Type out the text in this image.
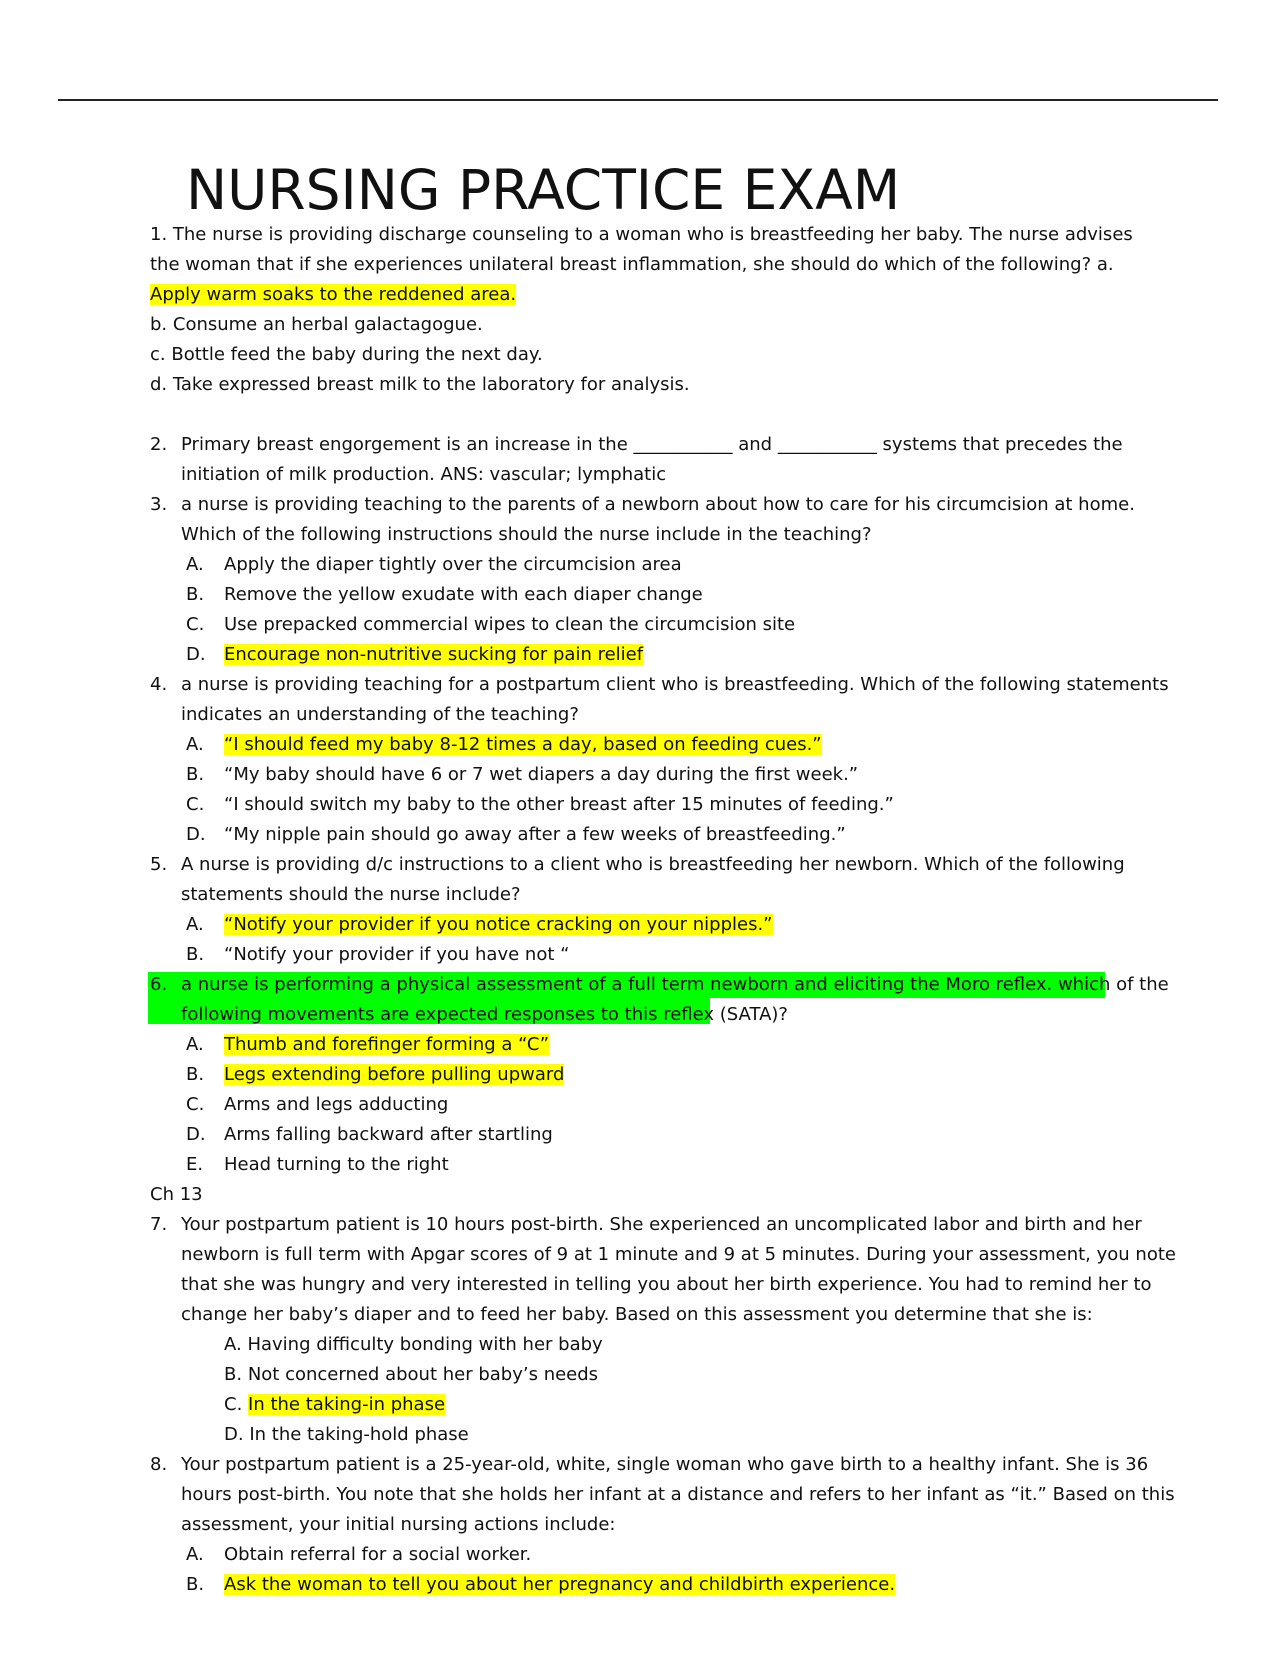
NURSING PRACTICE EXAM
1. The nurse is providing discharge counseling to a woman who is breastfeeding her baby. The nurse advises
the woman that if she experiences unilateral breast inflammation, she should do which of the following? a.
Apply warm soaks to the reddened area.
b. Consume an herbal galactagogue.
c. Bottle feed the baby during the next day.
d. Take expressed breast milk to the laboratory for analysis.
2. Primary breast engorgement is an increase in the ___________ and ___________ systems that precedes the
initiation of milk production. ANS: vascular; lymphatic
3. a nurse is providing teaching to the parents of a newborn about how to care for his circumcision at home.
Which of the following instructions should the nurse include in the teaching?
A. Apply the diaper tightly over the circumcision area
B. Remove the yellow exudate with each diaper change
C. Use prepacked commercial wipes to clean the circumcision site
D. Encourage non-nutritive sucking for pain relief
4. a nurse is providing teaching for a postpartum client who is breastfeeding. Which of the following statements
indicates an understanding of the teaching?
A. “I should feed my baby 8-12 times a day, based on feeding cues.”
B. “My baby should have 6 or 7 wet diapers a day during the first week.”
C. “I should switch my baby to the other breast after 15 minutes of feeding.”
D. “My nipple pain should go away after a few weeks of breastfeeding.”
5. A nurse is providing d/c instructions to a client who is breastfeeding her newborn. Which of the following
statements should the nurse include?
A. “Notify your provider if you notice cracking on your nipples.”
B. “Notify your provider if you have not “
6. a nurse is performing a physical assessment of a full term newborn and eliciting the Moro reflex. which of the
following movements are expected responses to this reflex (SATA)?
A. Thumb and forefinger forming a “C”
B. Legs extending before pulling upward
C. Arms and legs adducting
D. Arms falling backward after startling
E. Head turning to the right
Ch 13
7. Your postpartum patient is 10 hours post-birth. She experienced an uncomplicated labor and birth and her
newborn is full term with Apgar scores of 9 at 1 minute and 9 at 5 minutes. During your assessment, you note
that she was hungry and very interested in telling you about her birth experience. You had to remind her to
change her baby’s diaper and to feed her baby. Based on this assessment you determine that she is:
A. Having difficulty bonding with her baby
B. Not concerned about her baby’s needs
C. In the taking-in phase
D. In the taking-hold phase
8. Your postpartum patient is a 25-year-old, white, single woman who gave birth to a healthy infant. She is 36
hours post-birth. You note that she holds her infant at a distance and refers to her infant as “it.” Based on this
assessment, your initial nursing actions include:
A. Obtain referral for a social worker.
B. Ask the woman to tell you about her pregnancy and childbirth experience.
